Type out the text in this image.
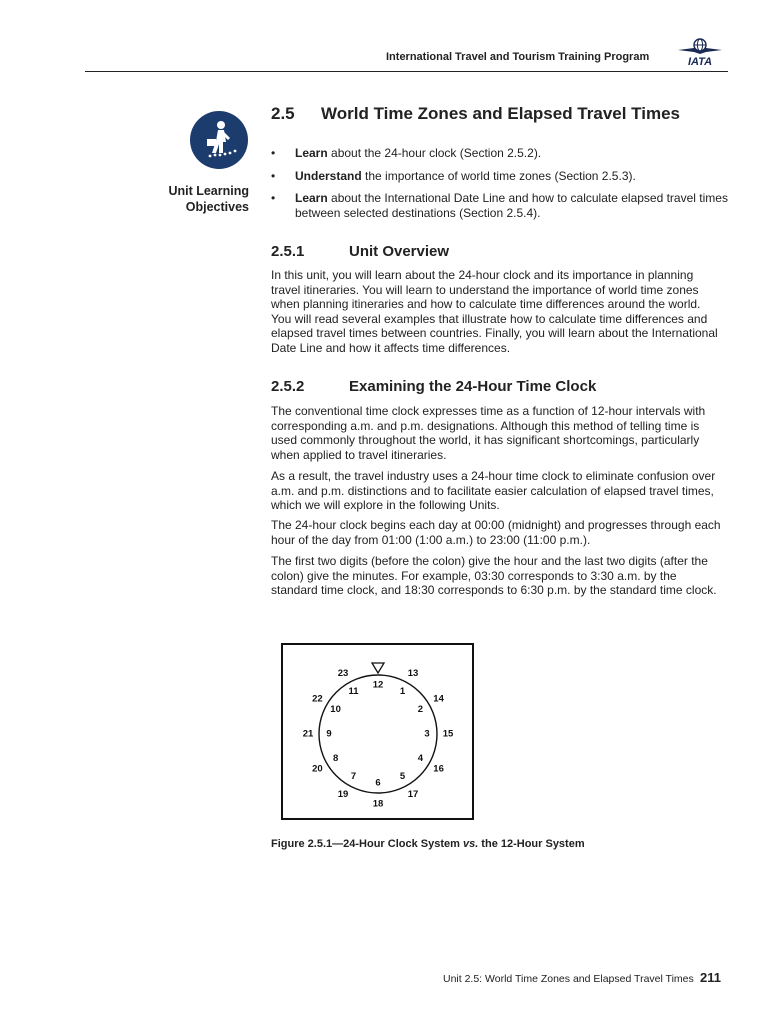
International Travel and Tourism Training Program	IATA
Unit Learning
Objectives
2.5 World Time Zones and Elapsed Travel Times
• Learn about the 24-hour clock (Section 2.5.2).
• Understand the importance of world time zones (Section 2.5.3).
• Learn about the International Date Line and how to calculate elapsed travel times between selected destinations (Section 2.5.4).
2.5.1	Unit Overview

In this unit, you will learn about the 24-hour clock and its importance in planning travel itineraries. You will learn to understand the importance of world time zones when planning itineraries and how to calculate time differences around the world. You will read several examples that illustrate how to calculate time differences and elapsed travel times between countries. Finally, you will learn about the International Date Line and how it affects time differences.

2.5.2	Examining the 24-Hour Time Clock

The conventional time clock expresses time as a function of 12-hour intervals with corresponding a.m. and p.m. designations. Although this method of telling time is used commonly throughout the world, it has significant shortcomings, particularly when applied to travel itineraries.

As a result, the travel industry uses a 24-hour time clock to eliminate confusion over a.m. and p.m. distinctions and to facilitate easier calculation of elapsed travel times, which we will explore in the following Units.

The 24-hour clock begins each day at 00:00 (midnight) and progresses through each hour of the day from 01:00 (1:00 a.m.) to 23:00 (11:00 p.m.).

The first two digits (before the colon) give the hour and the last two digits (after the colon) give the minutes. For example, 03:30 corresponds to 3:30 a.m. by the standard time clock, and 18:30 corresponds to 6:30 p.m. by the standard time clock.

12
1
2
3
4
5
6
7
8
9
10
11
13
14
15
16
17
18
19
20
21
22
23
Figure 2.5.1—24-Hour Clock System vs. the 12-Hour System
Unit 2.5: World Time Zones and Elapsed Travel Times 211
